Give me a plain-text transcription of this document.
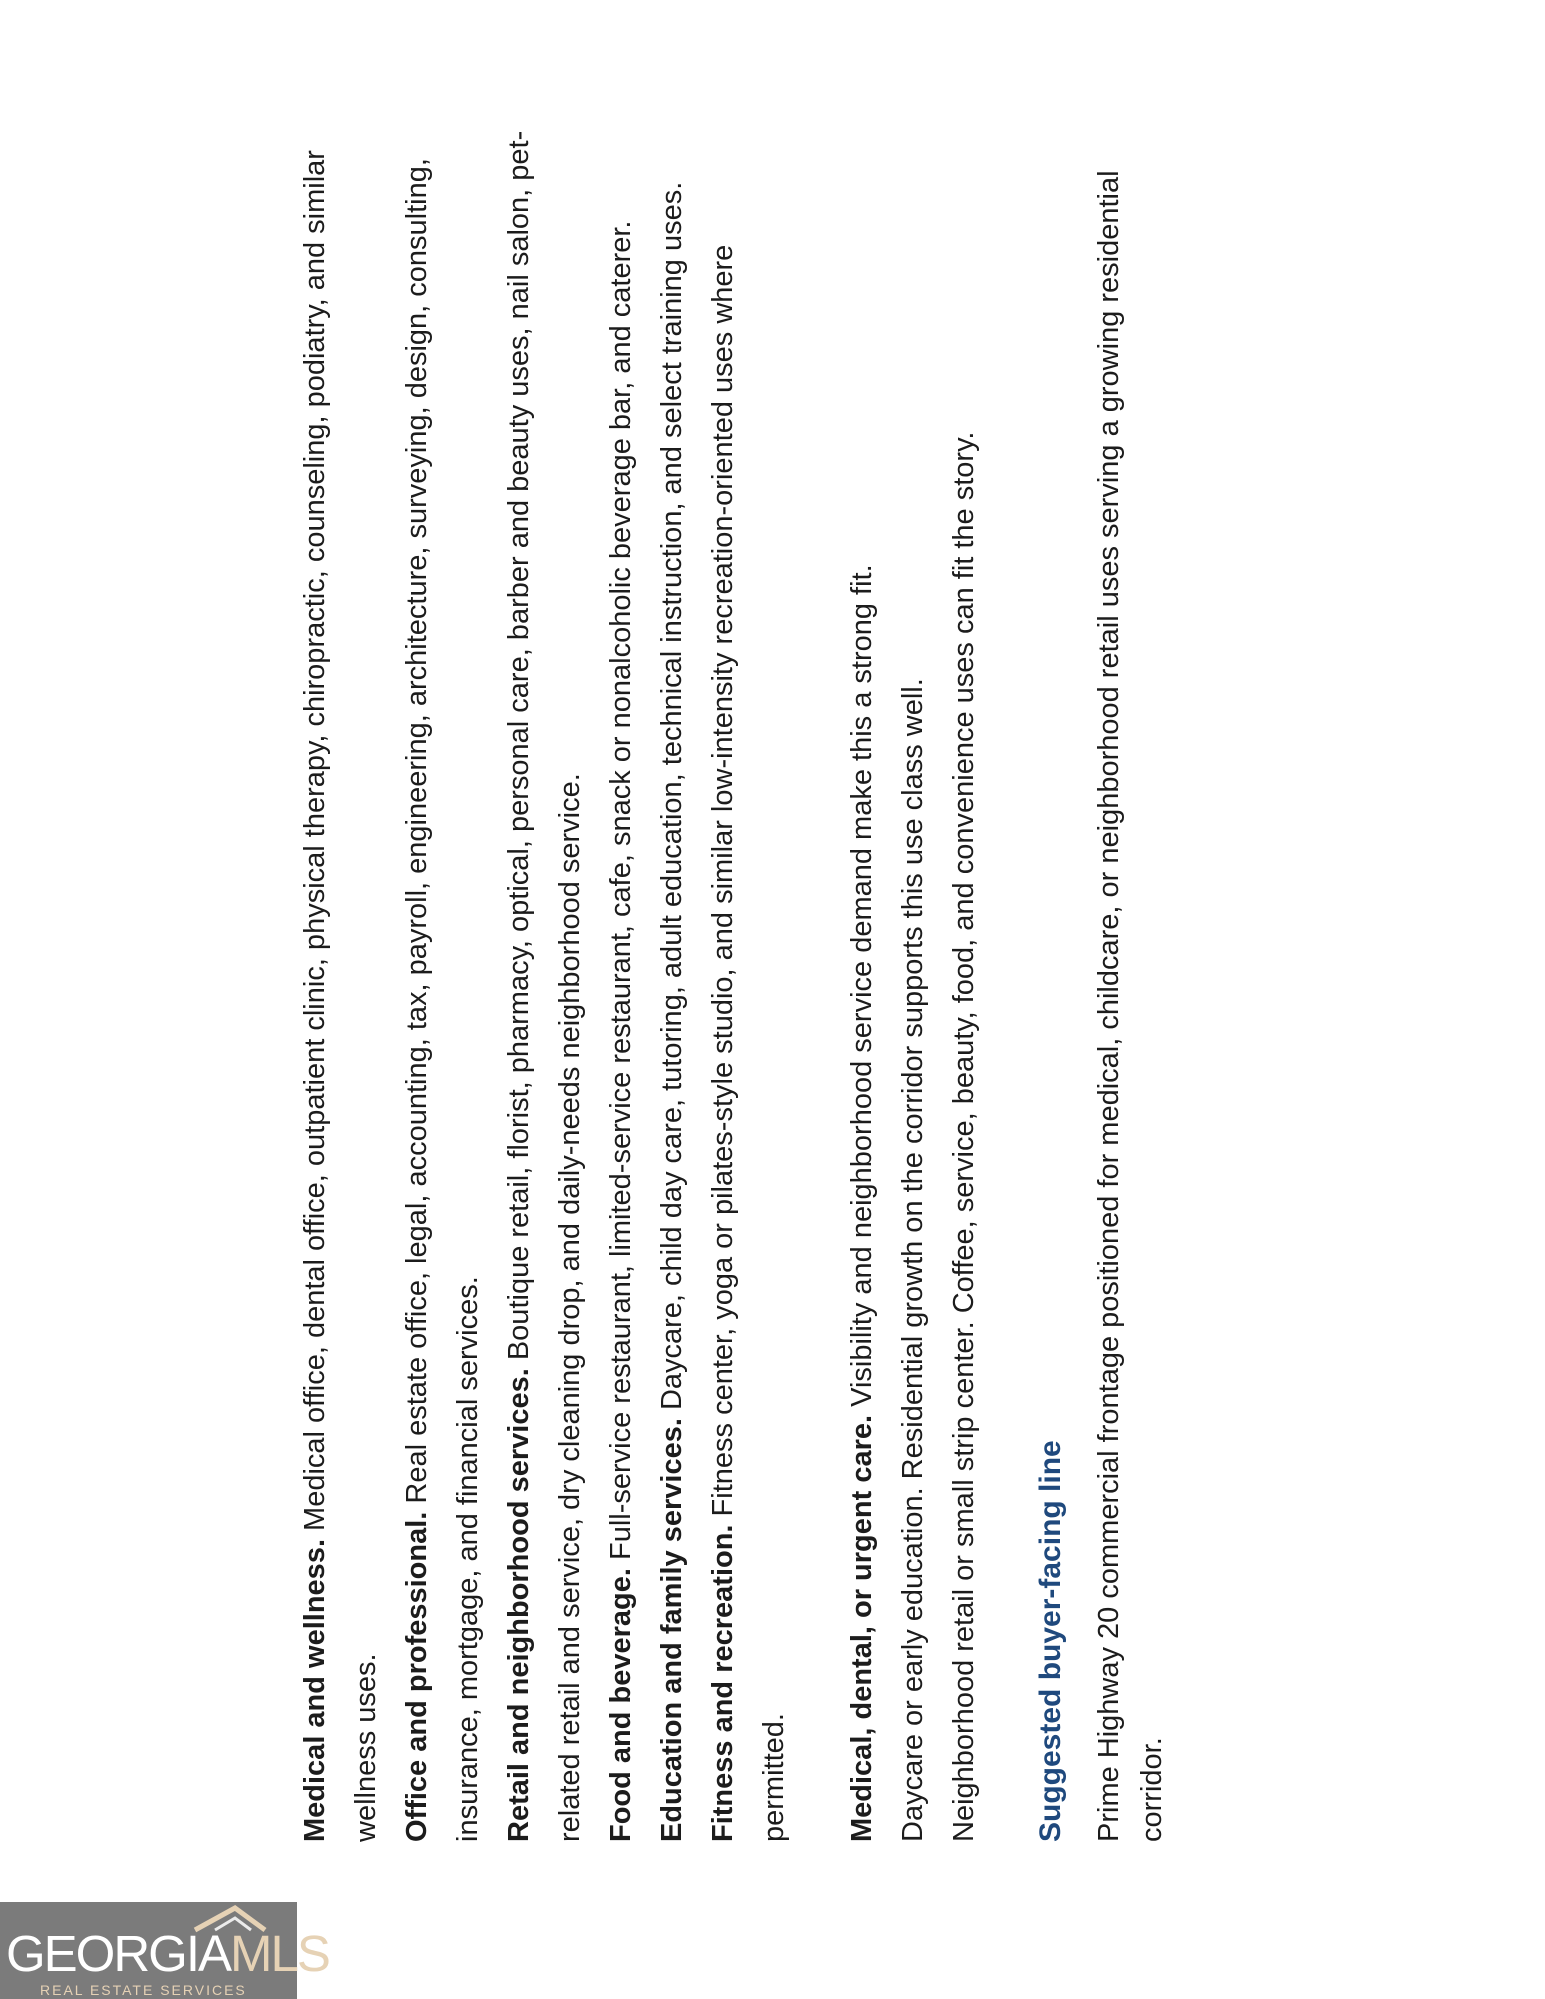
Medical and wellness. Medical office, dental office, outpatient clinic, physical therapy, chiropractic, counseling, podiatry, and similar wellness uses. Office and professional. Real estate office, legal, accounting, tax, payroll, engineering, architecture, surveying, design, consulting, insurance, mortgage, and financial services. Retail and neighborhood services. Boutique retail, florist, pharmacy, optical, personal care, barber and beauty uses, nail salon, pet-related retail and service, dry cleaning drop, and daily-needs neighborhood service. Food and beverage. Full-service restaurant, limited-service restaurant, cafe, snack or nonalcoholic beverage bar, and caterer.

Education and family services. Daycare, child day care, tutoring, adult education, technical instruction, and select training uses.

Fitness and recreation. Fitness center, yoga or pilates-style studio, and similar low-intensity recreation-oriented uses where permitted.	Medical, dental, or urgent care. Visibility and neighborhood service demand make this a strong fit. Daycare or early education. Residential growth on the corridor supports this use class well. Neighborhood retail or small strip center. Coffee, service, beauty, food, and convenience uses can fit the story.	Suggested buyer-facing line Prime Highway 20 commercial frontage positioned for medical, childcare, or neighborhood retail uses serving a growing residential corridor.

GEORGIAMLS
REAL ESTATE SERVICES
